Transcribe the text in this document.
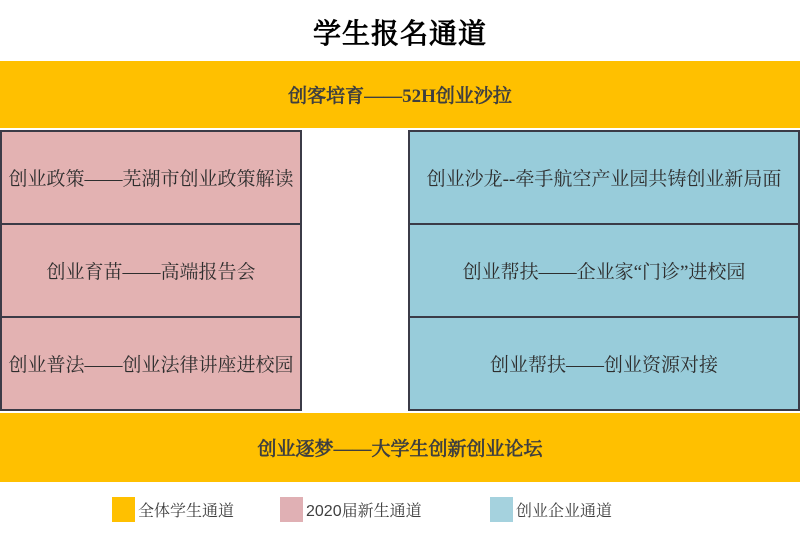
学生报名通道
创客培育——52H创业沙拉
创业政策——芜湖市创业政策解读
创业育苗——高端报告会
创业普法——创业法律讲座进校园
创业沙龙--牵手航空产业园共铸创业新局面
创业帮扶——企业家“门诊”进校园
创业帮扶——创业资源对接
创业逐梦——大学生创新创业论坛
全体学生通道	2020届新生通道	创业企业通道
